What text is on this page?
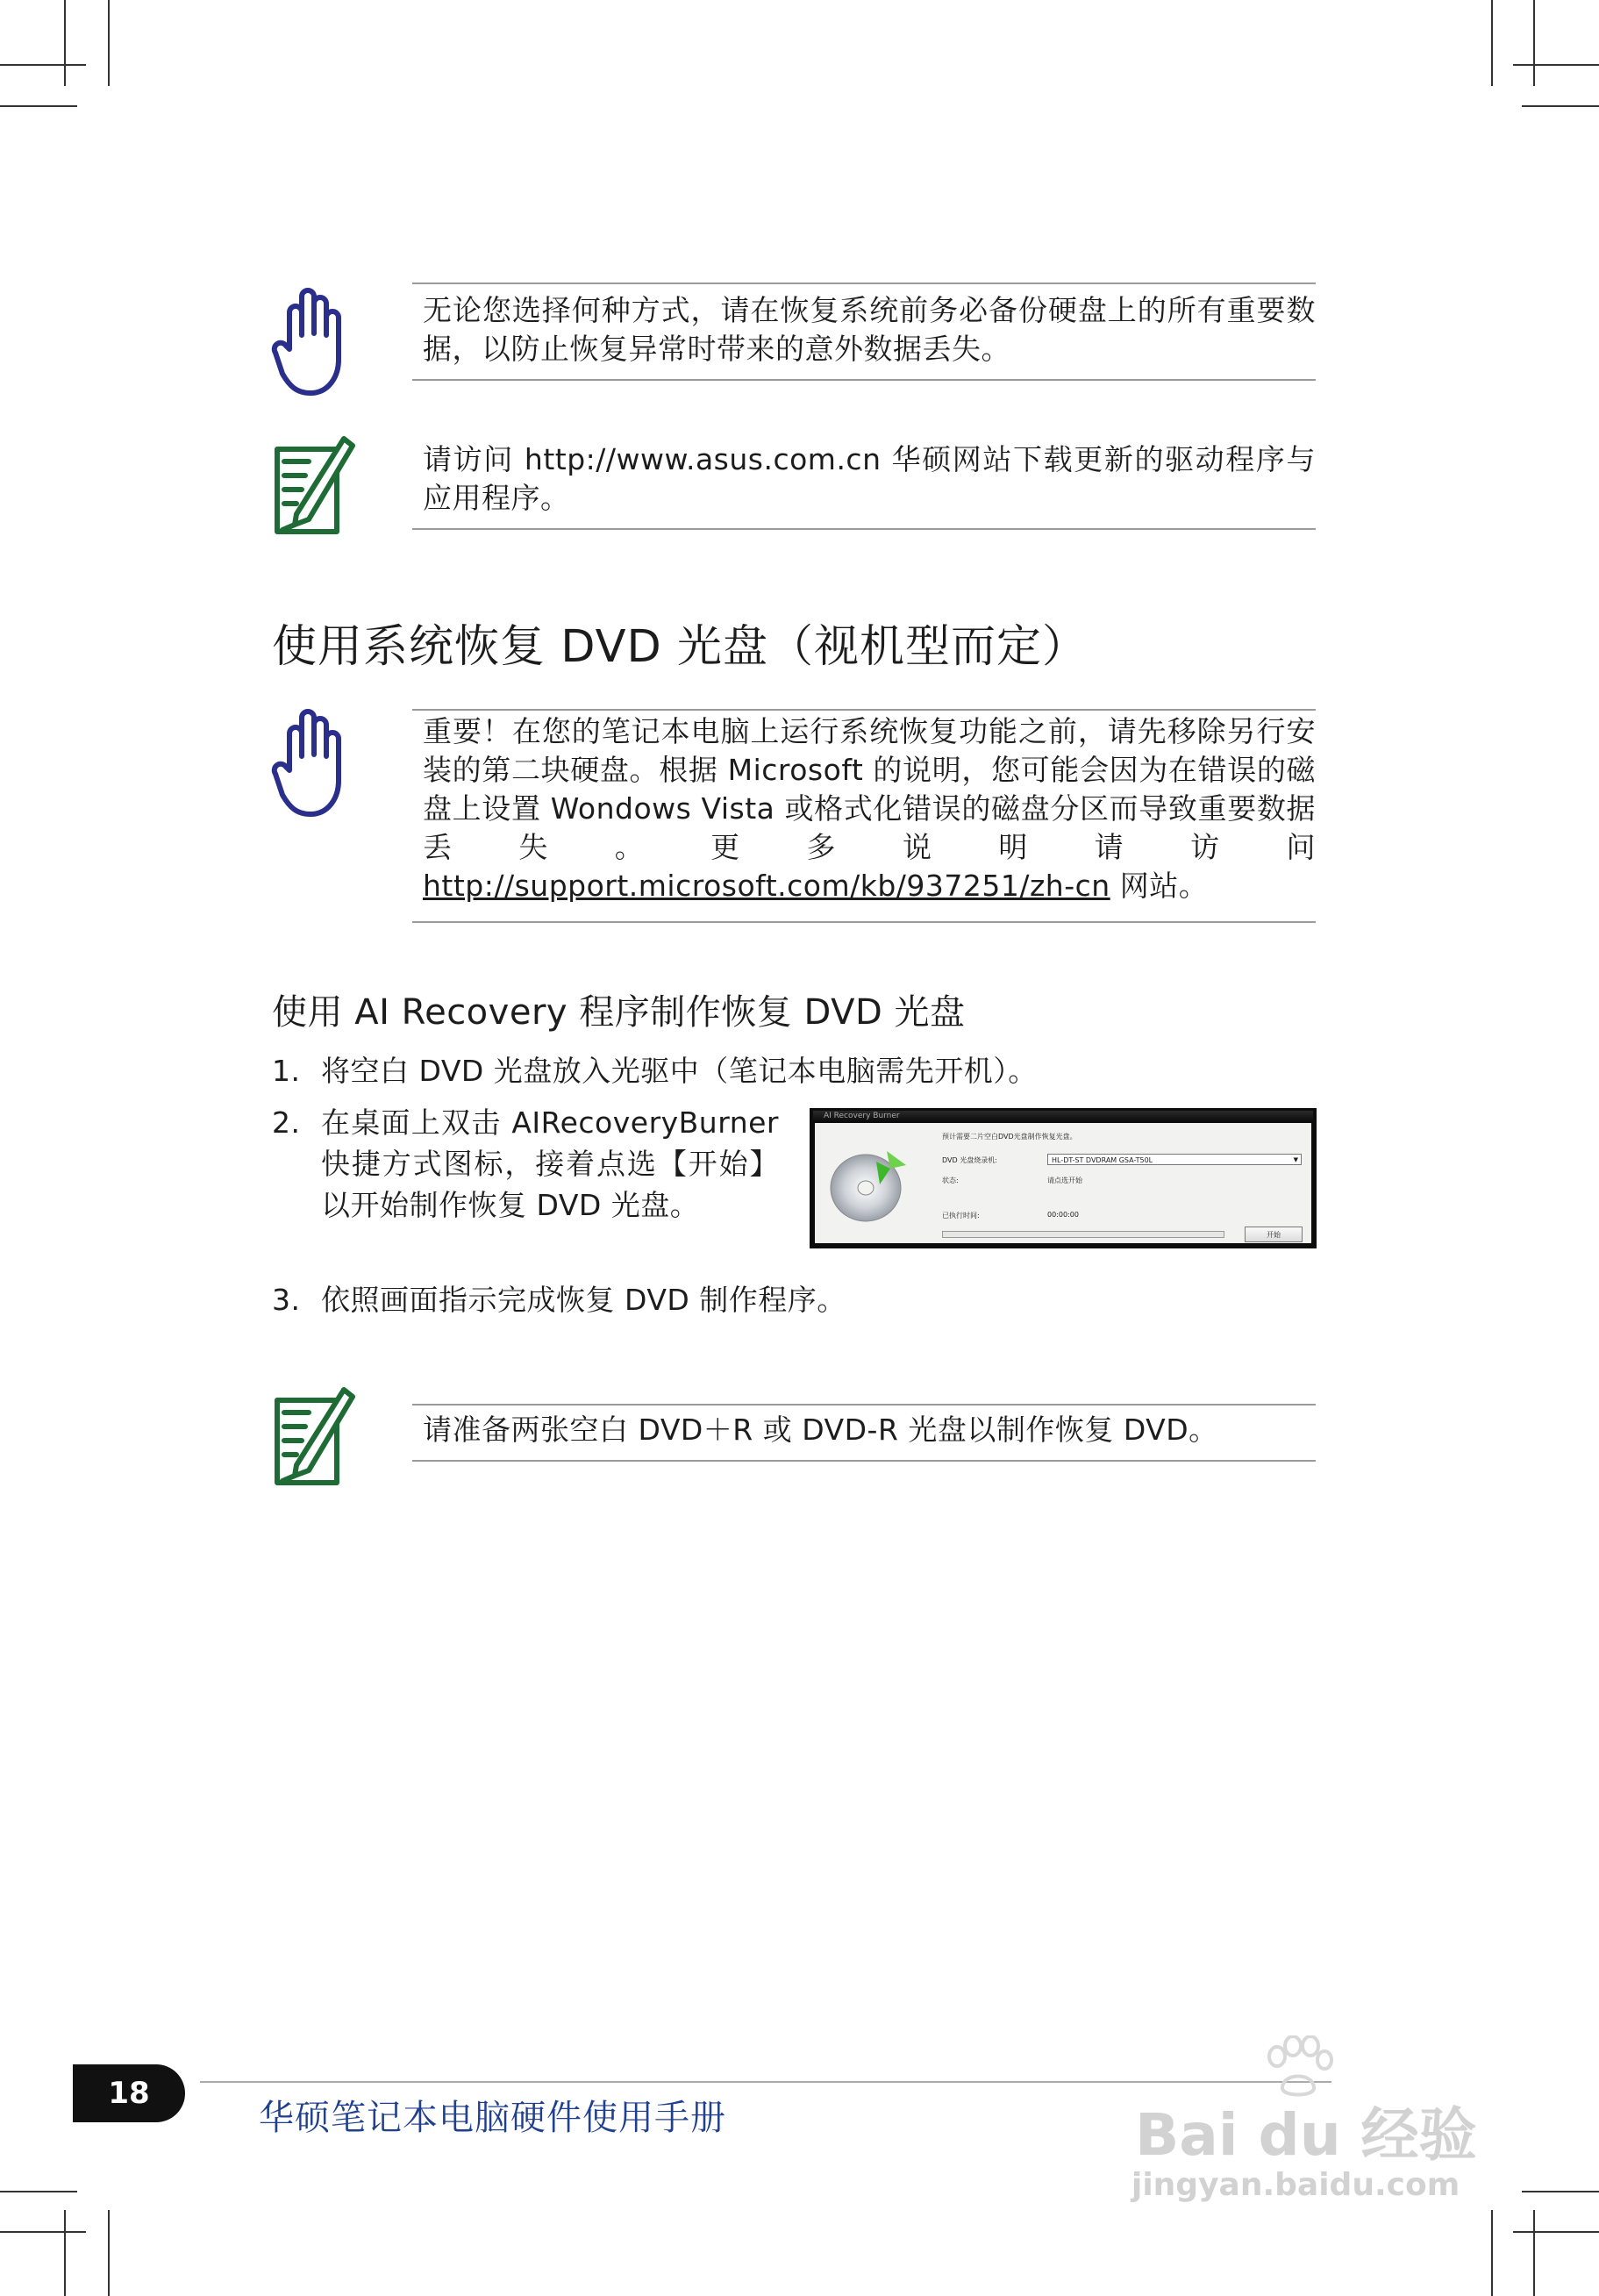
无论您选择何种方式，请在恢复系统前务必备份硬盘上的所有重要数据，以防止恢复异常时带来的意外数据丢失。
请访问 http://www.asus.com.cn 华硕网站下载更新的驱动程序与应用程序。
使用系统恢复 DVD 光盘（视机型而定）
重要！在您的笔记本电脑上运行系统恢复功能之前，请先移除另行安装的第二块硬盘。根据 Microsoft 的说明，您可能会因为在错误的磁盘上设置 Wondows Vista 或格式化错误的磁盘分区而导致重要数据丢失。更多说明请访问 http://support.microsoft.com/kb/937251/zh-cn 网站。
使用 AI Recovery 程序制作恢复 DVD 光盘
1. 将空白 DVD 光盘放入光驱中（笔记本电脑需先开机）。
2. 在桌面上双击 AIRecoveryBurner 快捷方式图标，接着点选【开始】以开始制作恢复 DVD 光盘。
3. 依照画面指示完成恢复 DVD 制作程序。
AI Recovery Burner
预计需要二片空白DVD光盘制作恢复光盘。
DVD 光盘烧录机:	HL-DT-ST DVDRAM GSA-T50L	▼
状态:	请点选开始
已执行时间:	00:00:00
开始
请准备两张空白 DVD＋R 或 DVD-R 光盘以制作恢复 DVD。
18
华硕笔记本电脑硬件使用手册	Bai du 经验
jingyan.baidu.com
